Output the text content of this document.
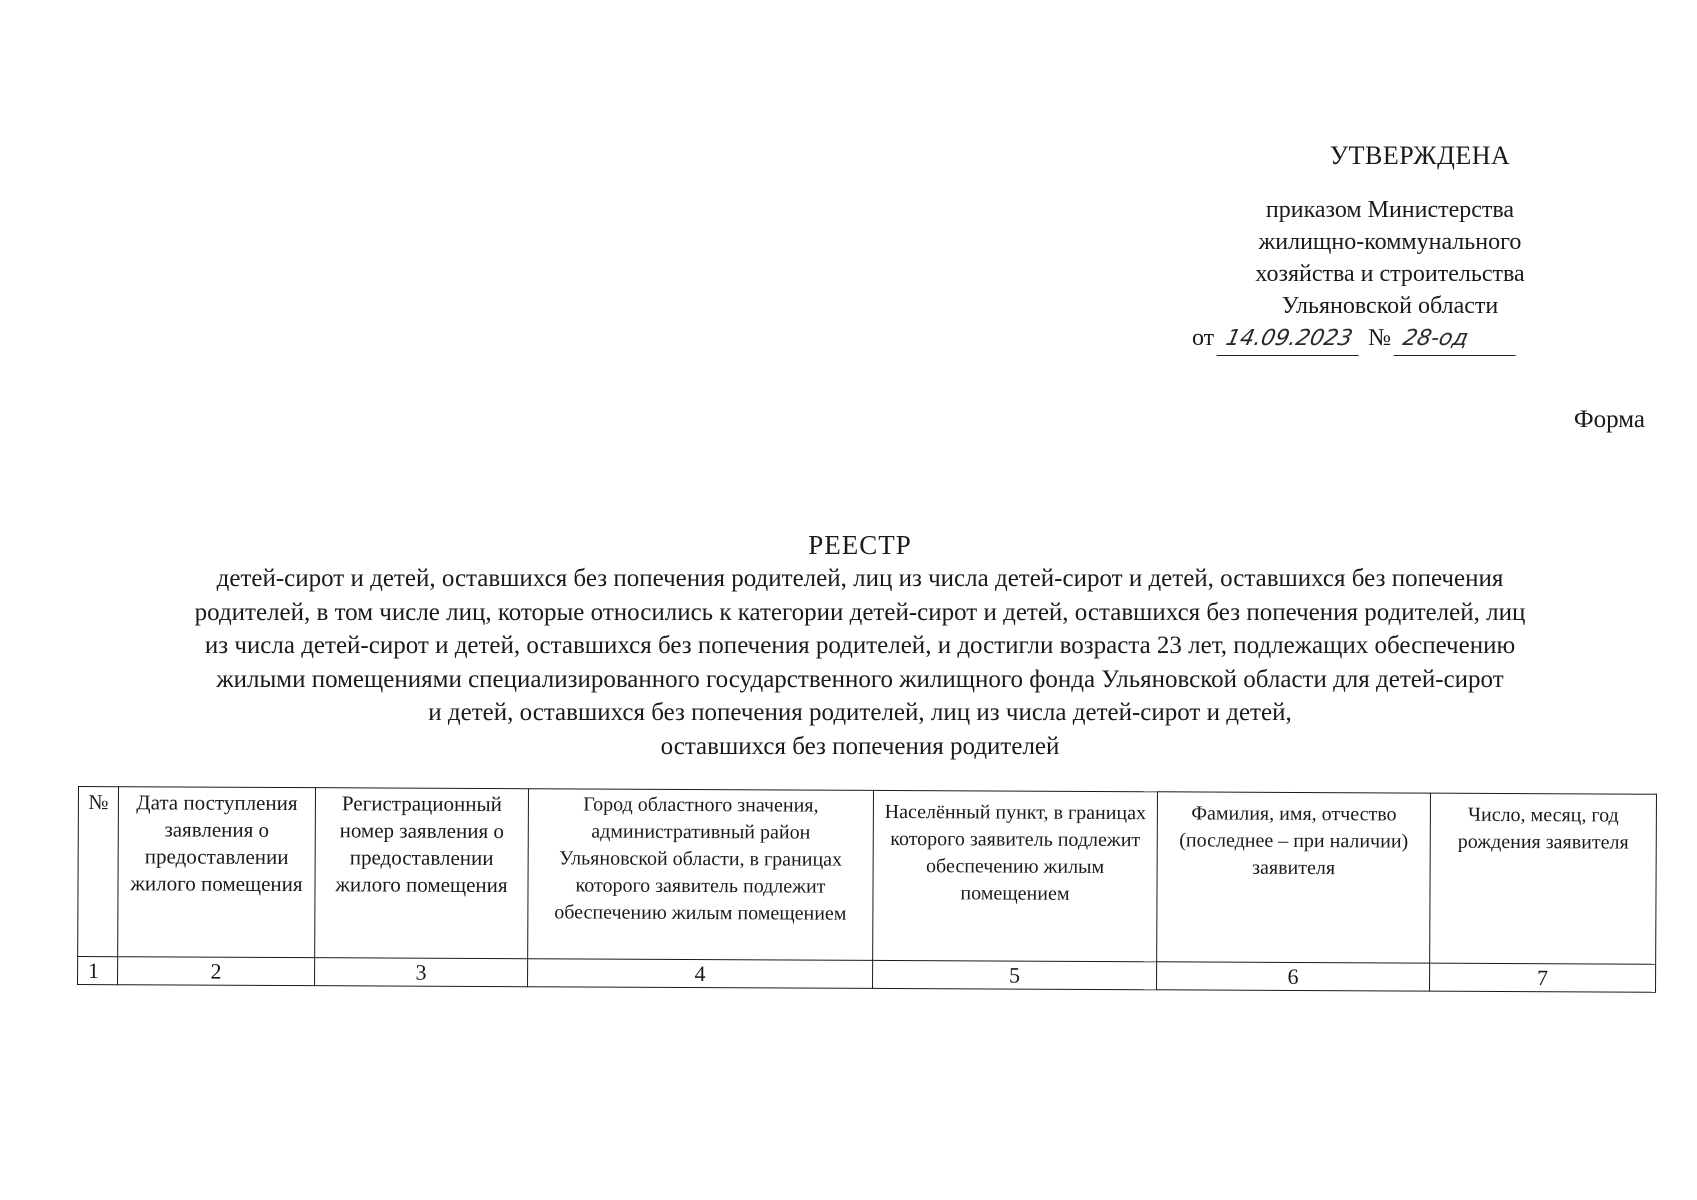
УТВЕРЖДЕНА
приказом Министерства
жилищно-коммунального
хозяйства и строительства
Ульяновской области
от 14.09.2023 № 28-од
Форма
РЕЕСТР
детей-сирот и детей, оставшихся без попечения родителей, лиц из числа детей-сирот и детей, оставшихся без попечения
родителей, в том числе лиц, которые относились к категории детей-сирот и детей, оставшихся без попечения родителей, лиц
из числа детей-сирот и детей, оставшихся без попечения родителей, и достигли возраста 23 лет, подлежащих обеспечению
жилыми помещениями специализированного государственного жилищного фонда Ульяновской области для детей-сирот
и детей, оставшихся без попечения родителей, лиц из числа детей-сирот и детей,
оставшихся без попечения родителей
№	Дата поступления заявления о предоставлении жилого помещения	Регистрационный номер заявления о предоставлении жилого помещения	Город областного значения, административный район Ульяновской области, в границах которого заявитель подлежит обеспечению жилым помещением	Населённый пункт, в границах которого заявитель подлежит обеспечению жилым помещением	Фамилия, имя, отчество (последнее – при наличии) заявителя	Число, месяц, год рождения заявителя
1	2	3	4	5	6	7
